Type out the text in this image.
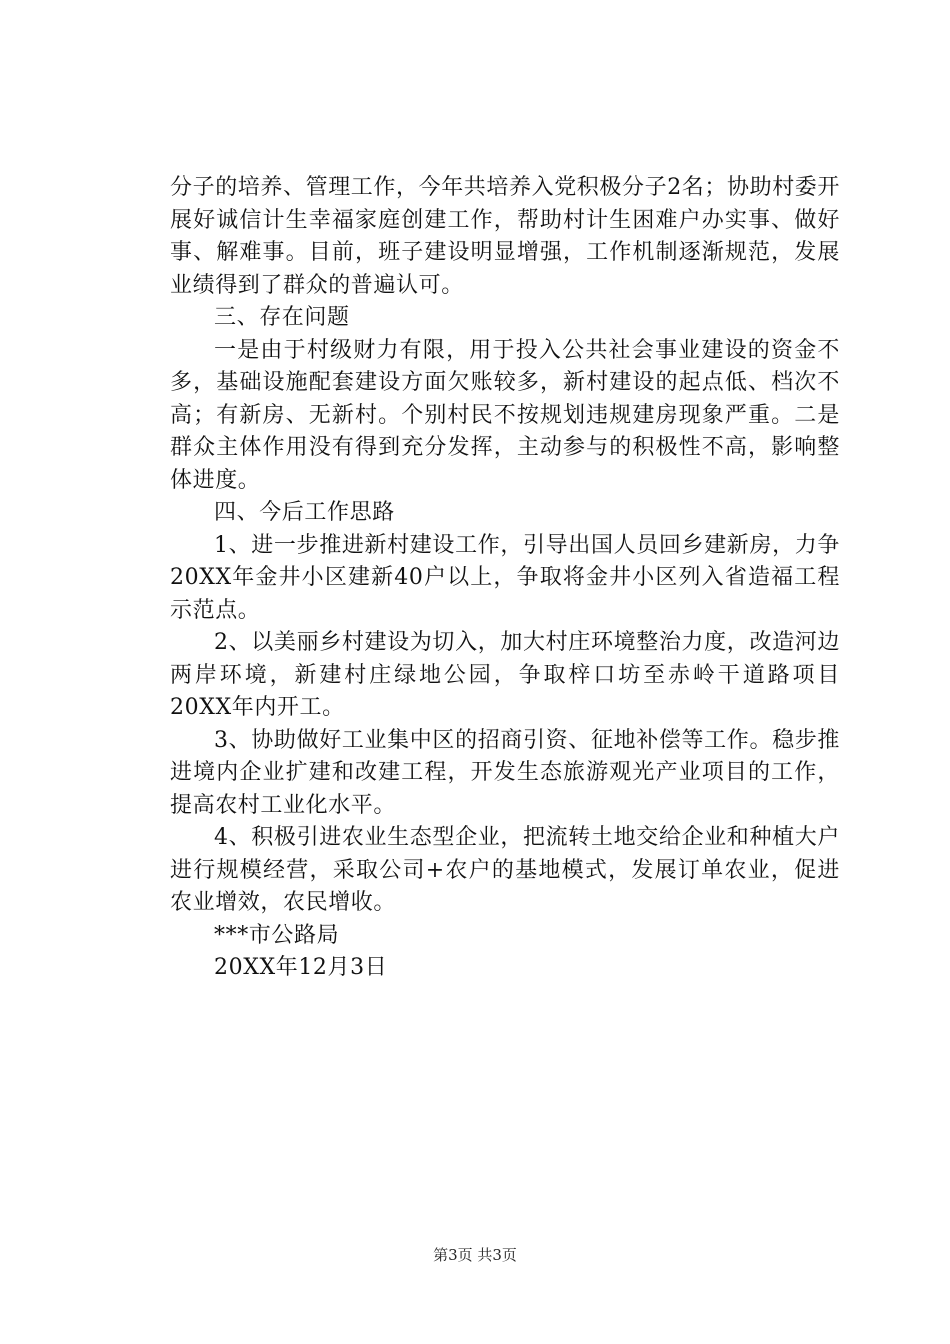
分子的培养、管理工作，今年共培养入党积极分子2名；协助村委开展好诚信计生幸福家庭创建工作，帮助村计生困难户办实事、做好事、解难事。目前，班子建设明显增强，工作机制逐渐规范，发展业绩得到了群众的普遍认可。

三、存在问题

一是由于村级财力有限，用于投入公共社会事业建设的资金不多，基础设施配套建设方面欠账较多，新村建设的起点低、档次不高；有新房、无新村。个别村民不按规划违规建房现象严重。二是群众主体作用没有得到充分发挥，主动参与的积极性不高，影响整体进度。

四、今后工作思路

1、进一步推进新村建设工作，引导出国人员回乡建新房，力争20XX年金井小区建新40户以上，争取将金井小区列入省造福工程示范点。

2、以美丽乡村建设为切入，加大村庄环境整治力度，改造河边两岸环境，新建村庄绿地公园，争取梓口坊至赤岭干道路项目20XX年内开工。

3、协助做好工业集中区的招商引资、征地补偿等工作。稳步推进境内企业扩建和改建工程，开发生态旅游观光产业项目的工作，提高农村工业化水平。

4、积极引进农业生态型企业，把流转土地交给企业和种植大户进行规模经营，采取公司+农户的基地模式，发展订单农业，促进农业增效，农民增收。

***市公路局

20XX年12月3日

第3页 共3页
